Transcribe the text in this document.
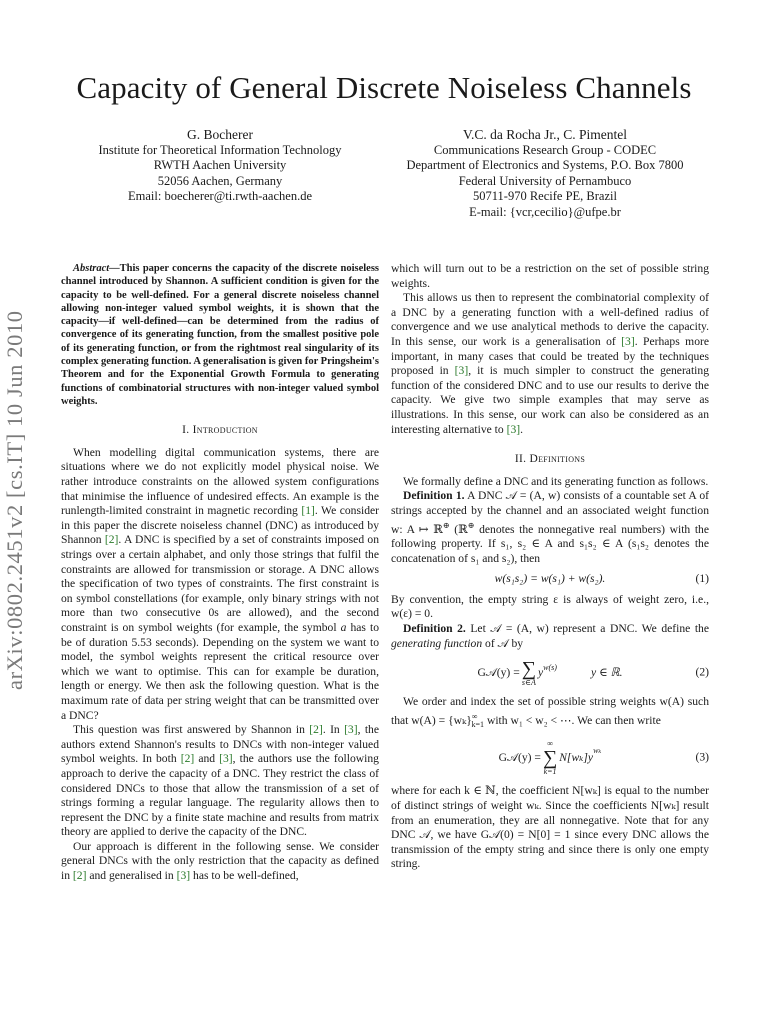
Capacity of General Discrete Noiseless Channels
G. Bocherer
Institute for Theoretical Information Technology
RWTH Aachen University
52056 Aachen, Germany
Email: boecherer@ti.rwth-aachen.de
V.C. da Rocha Jr., C. Pimentel
Communications Research Group - CODEC
Department of Electronics and Systems, P.O. Box 7800
Federal University of Pernambuco
50711-970 Recife PE, Brazil
E-mail: {vcr,cecilio}@ufpe.br
arXiv:0802.2451v2 [cs.IT] 10 Jun 2010

Abstract—This paper concerns the capacity of the discrete noiseless channel introduced by Shannon. A sufficient condition is given for the capacity to be well-defined. For a general discrete noiseless channel allowing non-integer valued symbol weights, it is shown that the capacity—if well-defined—can be determined from the radius of convergence of its generating function, from the smallest positive pole of its generating function, or from the rightmost real singularity of its complex generating function. A generalisation is given for Pringsheim's Theorem and for the Exponential Growth Formula to generating functions of combinatorial structures with non-integer valued symbol weights.

I. Introduction

When modelling digital communication systems, there are situations where we do not explicitly model physical noise. We rather introduce constraints on the allowed system configurations that minimise the influence of undesired effects. An example is the runlength-limited constraint in magnetic recording [1]. We consider in this paper the discrete noiseless channel (DNC) as introduced by Shannon [2]. A DNC is specified by a set of constraints imposed on strings over a certain alphabet, and only those strings that fulfil the constraints are allowed for transmission or storage. A DNC allows the specification of two types of constraints. The first constraint is on symbol constellations (for example, only binary strings with not more than two consecutive 0s are allowed), and the second constraint is on symbol weights (for example, the symbol a has to be of duration 5.53 seconds). Depending on the system we want to model, the symbol weights represent the critical resource over which we want to optimise. This can for example be duration, length or energy. We then ask the following question. What is the maximum rate of data per string weight that can be transmitted over a DNC?

This question was first answered by Shannon in [2]. In [3], the authors extend Shannon's results to DNCs with non-integer valued symbol weights. In both [2] and [3], the authors use the following approach to derive the capacity of a DNC. They restrict the class of considered DNCs to those that allow the transmission of a set of strings forming a regular language. The regularity allows then to represent the DNC by a finite state machine and results from matrix theory are applied to derive the capacity of the DNC.

Our approach is different in the following sense. We consider general DNCs with the only restriction that the capacity as defined in [2] and generalised in [3] has to be well-defined,

which will turn out to be a restriction on the set of possible string weights.

This allows us then to represent the combinatorial complexity of a DNC by a generating function with a well-defined radius of convergence and we use analytical methods to derive the capacity. In this sense, our work is a generalisation of [3]. Perhaps more important, in many cases that could be treated by the techniques proposed in [3], it is much simpler to construct the generating function of the considered DNC and to use our results to derive the capacity. We give two simple examples that may serve as illustrations. In this sense, our work can also be considered as an interesting alternative to [3].

II. Definitions

We formally define a DNC and its generating function as follows.

Definition 1. A DNC 𝒜 = (A, w) consists of a countable set A of strings accepted by the channel and an associated weight function w: A ↦ ℝ⊕ (ℝ⊕ denotes the nonnegative real numbers) with the following property. If s₁, s₂ ∈ A and s₁s₂ ∈ A (s₁s₂ denotes the concatenation of s₁ and s₂), then

w(s₁s₂) = w(s₁) + w(s₂).	(1)

By convention, the empty string ε is always of weight zero, i.e., w(ε) = 0.

Definition 2. Let 𝒜 = (A, w) represent a DNC. We define the generating function of 𝒜 by

G𝒜(y) = ∑
s∈A
$y^{w(s)}$	y ∈ ℝ.	(2)

We order and index the set of possible string weights w(A) such that $w(A) = \{w_k\}^\infty_{k=1}$ with w₁ < w₂ < ⋯. We can then write

G𝒜(y) =
∞
∑
k=1
N[wₖ]y
$^{w_k}$
(3)

where for each k ∈ ℕ, the coefficient N[wₖ] is equal to the number of distinct strings of weight wₖ. Since the coefficients N[wₖ] result from an enumeration, they are all nonnegative. Note that for any DNC 𝒜, we have G𝒜(0) = N[0] = 1 since every DNC allows the transmission of the empty string and since there is only one empty string.
